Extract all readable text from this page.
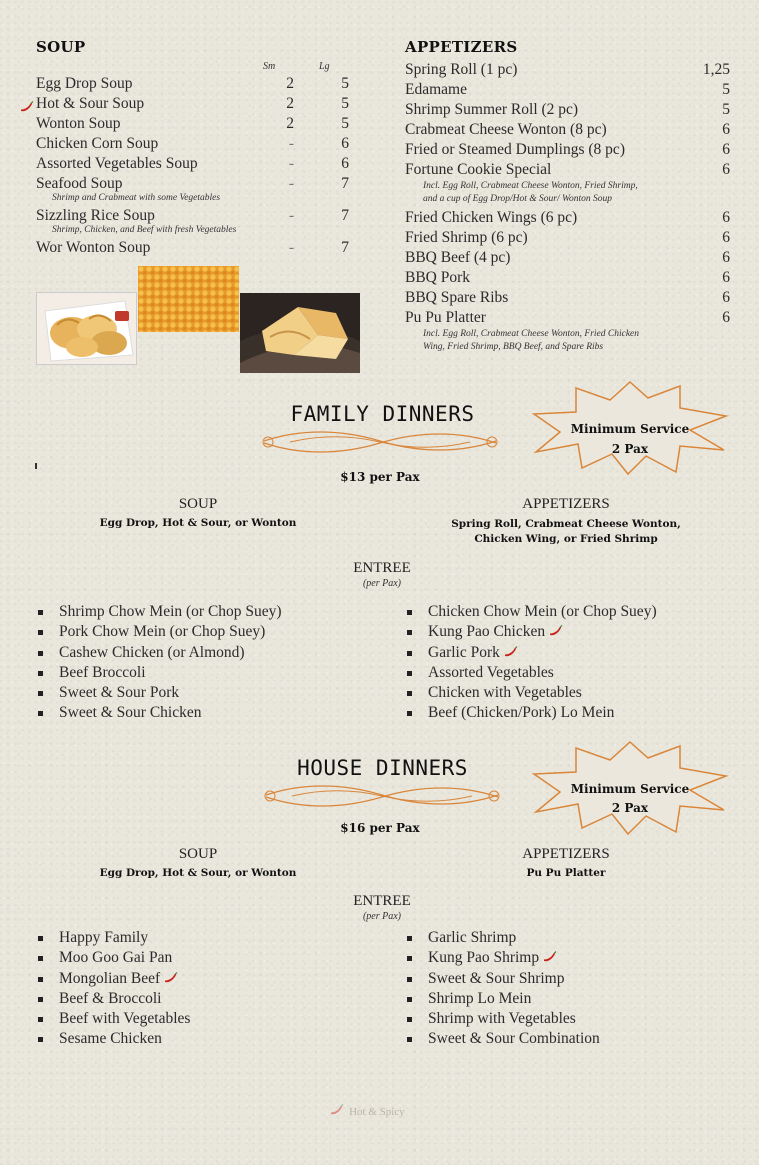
SOUP
Sm	Lg
Egg Drop Soup	2	5
Hot & Sour Soup	2	5
Wonton Soup	2	5
Chicken Corn Soup	-	6
Assorted Vegetables Soup	-	6
Seafood Soup	-	7
Shrimp and Crabmeat with some Vegetables
Sizzling Rice Soup	-	7
Shrimp, Chicken, and Beef with fresh Vegetables
Wor Wonton Soup	-	7
APPETIZERS
Spring Roll (1 pc)	1,25
Edamame	5
Shrimp Summer Roll (2 pc)	5
Crabmeat Cheese Wonton (8 pc)	6
Fried or Steamed Dumplings (8 pc)	6
Fortune Cookie Special	6
Incl. Egg Roll, Crabmeat Cheese Wonton, Fried Shrimp,
and a cup of Egg Drop/Hot & Sour/ Wonton Soup
Fried Chicken Wings (6 pc)	6
Fried Shrimp (6 pc)	6
BBQ Beef (4 pc)	6
BBQ Pork	6
BBQ Spare Ribs	6
Pu Pu Platter	6
Incl. Egg Roll, Crabmeat Cheese Wonton, Fried Chicken
Wing, Fried Shrimp, BBQ Beef, and Spare Ribs
FAMILY DINNERS
Minimum Service
2 Pax
$13 per Pax
SOUP
Egg Drop, Hot & Sour, or Wonton
APPETIZERS
Spring Roll, Crabmeat Cheese Wonton,
Chicken Wing, or Fried Shrimp
ENTREE
(per Pax)
Shrimp Chow Mein (or Chop Suey)
Pork Chow Mein (or Chop Suey)
Cashew Chicken (or Almond)
Beef Broccoli
Sweet & Sour Pork
Sweet & Sour Chicken
Chicken Chow Mein (or Chop Suey)
Kung Pao Chicken
Garlic Pork
Assorted Vegetables
Chicken with Vegetables
Beef (Chicken/Pork) Lo Mein
HOUSE DINNERS
Minimum Service
2 Pax
$16 per Pax
SOUP
Egg Drop, Hot & Sour, or Wonton
APPETIZERS
Pu Pu Platter
ENTREE
(per Pax)
Happy Family
Moo Goo Gai Pan
Mongolian Beef
Beef & Broccoli
Beef with Vegetables
Sesame Chicken
Garlic Shrimp
Kung Pao Shrimp
Sweet & Sour Shrimp
Shrimp Lo Mein
Shrimp with Vegetables
Sweet & Sour Combination
Hot & Spicy
